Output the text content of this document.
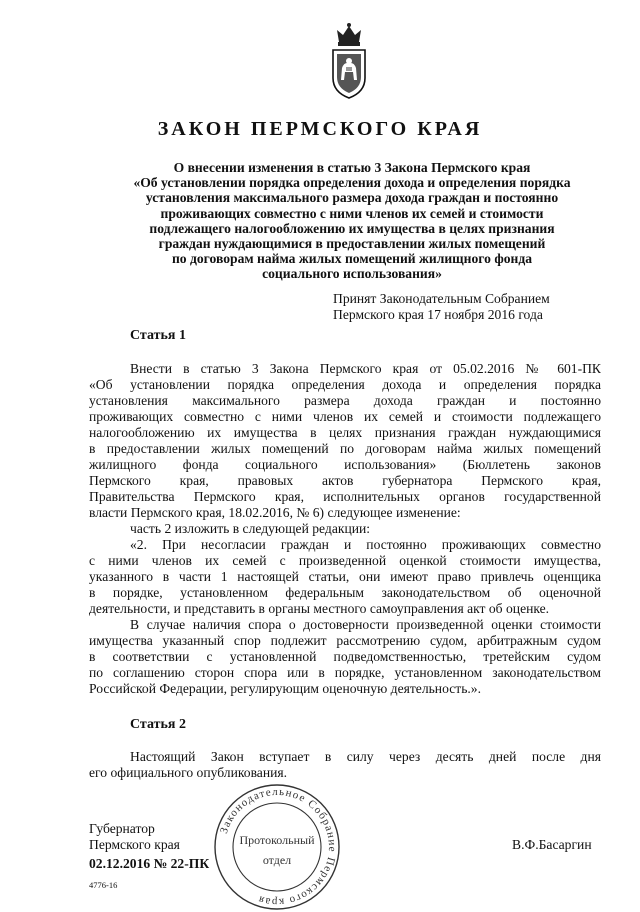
ЗАКОН ПЕРМСКОГО КРАЯ
О внесении изменения в статью 3 Закона Пермского края
«Об установлении порядка определения дохода и определения порядка
установления максимального размера дохода граждан и постоянно
проживающих совместно с ними членов их семей и стоимости
подлежащего налогообложению их имущества в целях признания
граждан нуждающимися в предоставлении жилых помещений
по договорам найма жилых помещений жилищного фонда
социального использования»
Принят Законодательным Собранием
Пермского края 17 ноября 2016 года
Статья 1
Внести в статью 3 Закона Пермского края от 05.02.2016 № 601-ПК
«Об установлении порядка определения дохода и определения порядка
установления максимального размера дохода граждан и постоянно
проживающих совместно с ними членов их семей и стоимости подлежащего
налогообложению их имущества в целях признания граждан нуждающимися
в предоставлении жилых помещений по договорам найма жилых помещений
жилищного фонда социального использования» (Бюллетень законов
Пермского края, правовых актов губернатора Пермского края,
Правительства Пермского края, исполнительных органов государственной
власти Пермского края, 18.02.2016, № 6) следующее изменение:
часть 2 изложить в следующей редакции:
«2. При несогласии граждан и постоянно проживающих совместно
с ними членов их семей с произведенной оценкой стоимости имущества,
указанного в части 1 настоящей статьи, они имеют право привлечь оценщика
в порядке, установленном федеральным законодательством об оценочной
деятельности, и представить в органы местного самоуправления акт об оценке.
В случае наличия спора о достоверности произведенной оценки стоимости
имущества указанный спор подлежит рассмотрению судом, арбитражным судом
в соответствии с установленной подведомственностью, третейским судом
по соглашению сторон спора или в порядке, установленном законодательством
Российской Федерации, регулирующим оценочную деятельность.».
Статья 2
Настоящий Закон вступает в силу через десять дней после дня
его официального опубликования.
Губернатор
Пермского края	В.Ф.Басаргин
02.12.2016 № 22-ПК
4776-16
Законодательное Собрание Пермского края
Протокольный
отдел
